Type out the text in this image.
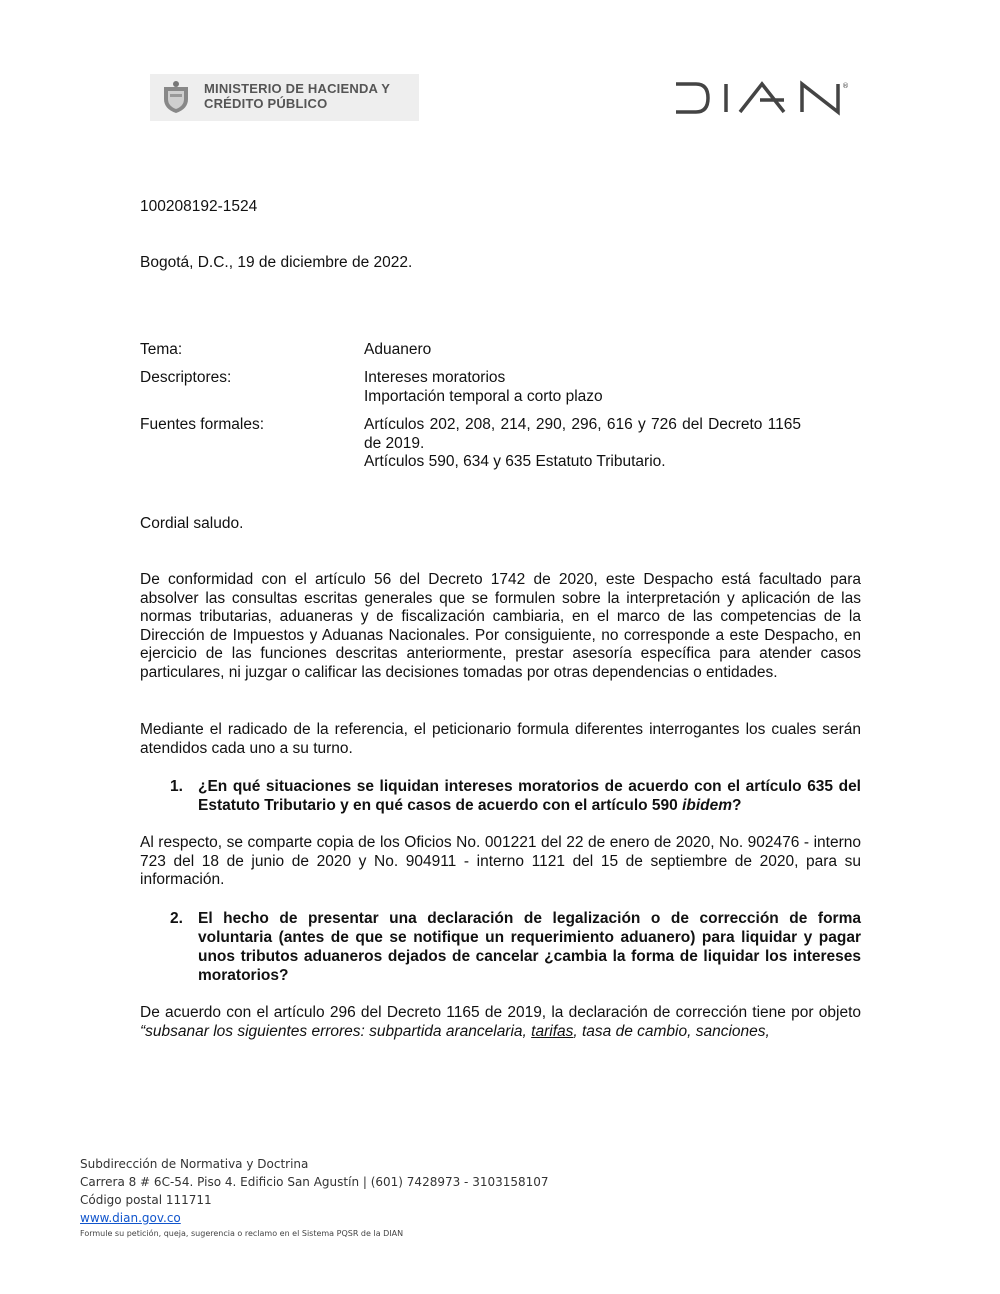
MINISTERIO DE HACIENDA Y
CRÉDITO PÚBLICO
®
100208192-1524
Bogotá, D.C., 19 de diciembre de 2022.
Tema:	Aduanero
Descriptores:	Intereses moratorios
Importación temporal a corto plazo
Fuentes formales:	Artículos 202, 208, 214, 290, 296, 616 y 726 del Decreto 1165 de 2019.
Artículos 590, 634 y 635 Estatuto Tributario.
Cordial saludo.
De conformidad con el artículo 56 del Decreto 1742 de 2020, este Despacho está facultado para absolver las consultas escritas generales que se formulen sobre la interpretación y aplicación de las normas tributarias, aduaneras y de fiscalización cambiaria, en el marco de las competencias de la Dirección de Impuestos y Aduanas Nacionales. Por consiguiente, no corresponde a este Despacho, en ejercicio de las funciones descritas anteriormente, prestar asesoría específica para atender casos particulares, ni juzgar o calificar las decisiones tomadas por otras dependencias o entidades.
Mediante el radicado de la referencia, el peticionario formula diferentes interrogantes los cuales serán atendidos cada uno a su turno.
1. ¿En qué situaciones se liquidan intereses moratorios de acuerdo con el artículo 635 del Estatuto Tributario y en qué casos de acuerdo con el artículo 590 ibidem?
Al respecto, se comparte copia de los Oficios No. 001221 del 22 de enero de 2020, No. 902476 - interno 723 del 18 de junio de 2020 y No. 904911 - interno 1121 del 15 de septiembre de 2020, para su información.
2. El hecho de presentar una declaración de legalización o de corrección de forma voluntaria (antes de que se notifique un requerimiento aduanero) para liquidar y pagar unos tributos aduaneros dejados de cancelar ¿cambia la forma de liquidar los intereses moratorios?
De acuerdo con el artículo 296 del Decreto 1165 de 2019, la declaración de corrección tiene por objeto “subsanar los siguientes errores: subpartida arancelaria, tarifas, tasa de cambio, sanciones,
Subdirección de Normativa y Doctrina
Carrera 8 # 6C-54. Piso 4. Edificio San Agustín | (601) 7428973 - 3103158107
Código postal 111711
www.dian.gov.co
Formule su petición, queja, sugerencia o reclamo en el Sistema PQSR de la DIAN
